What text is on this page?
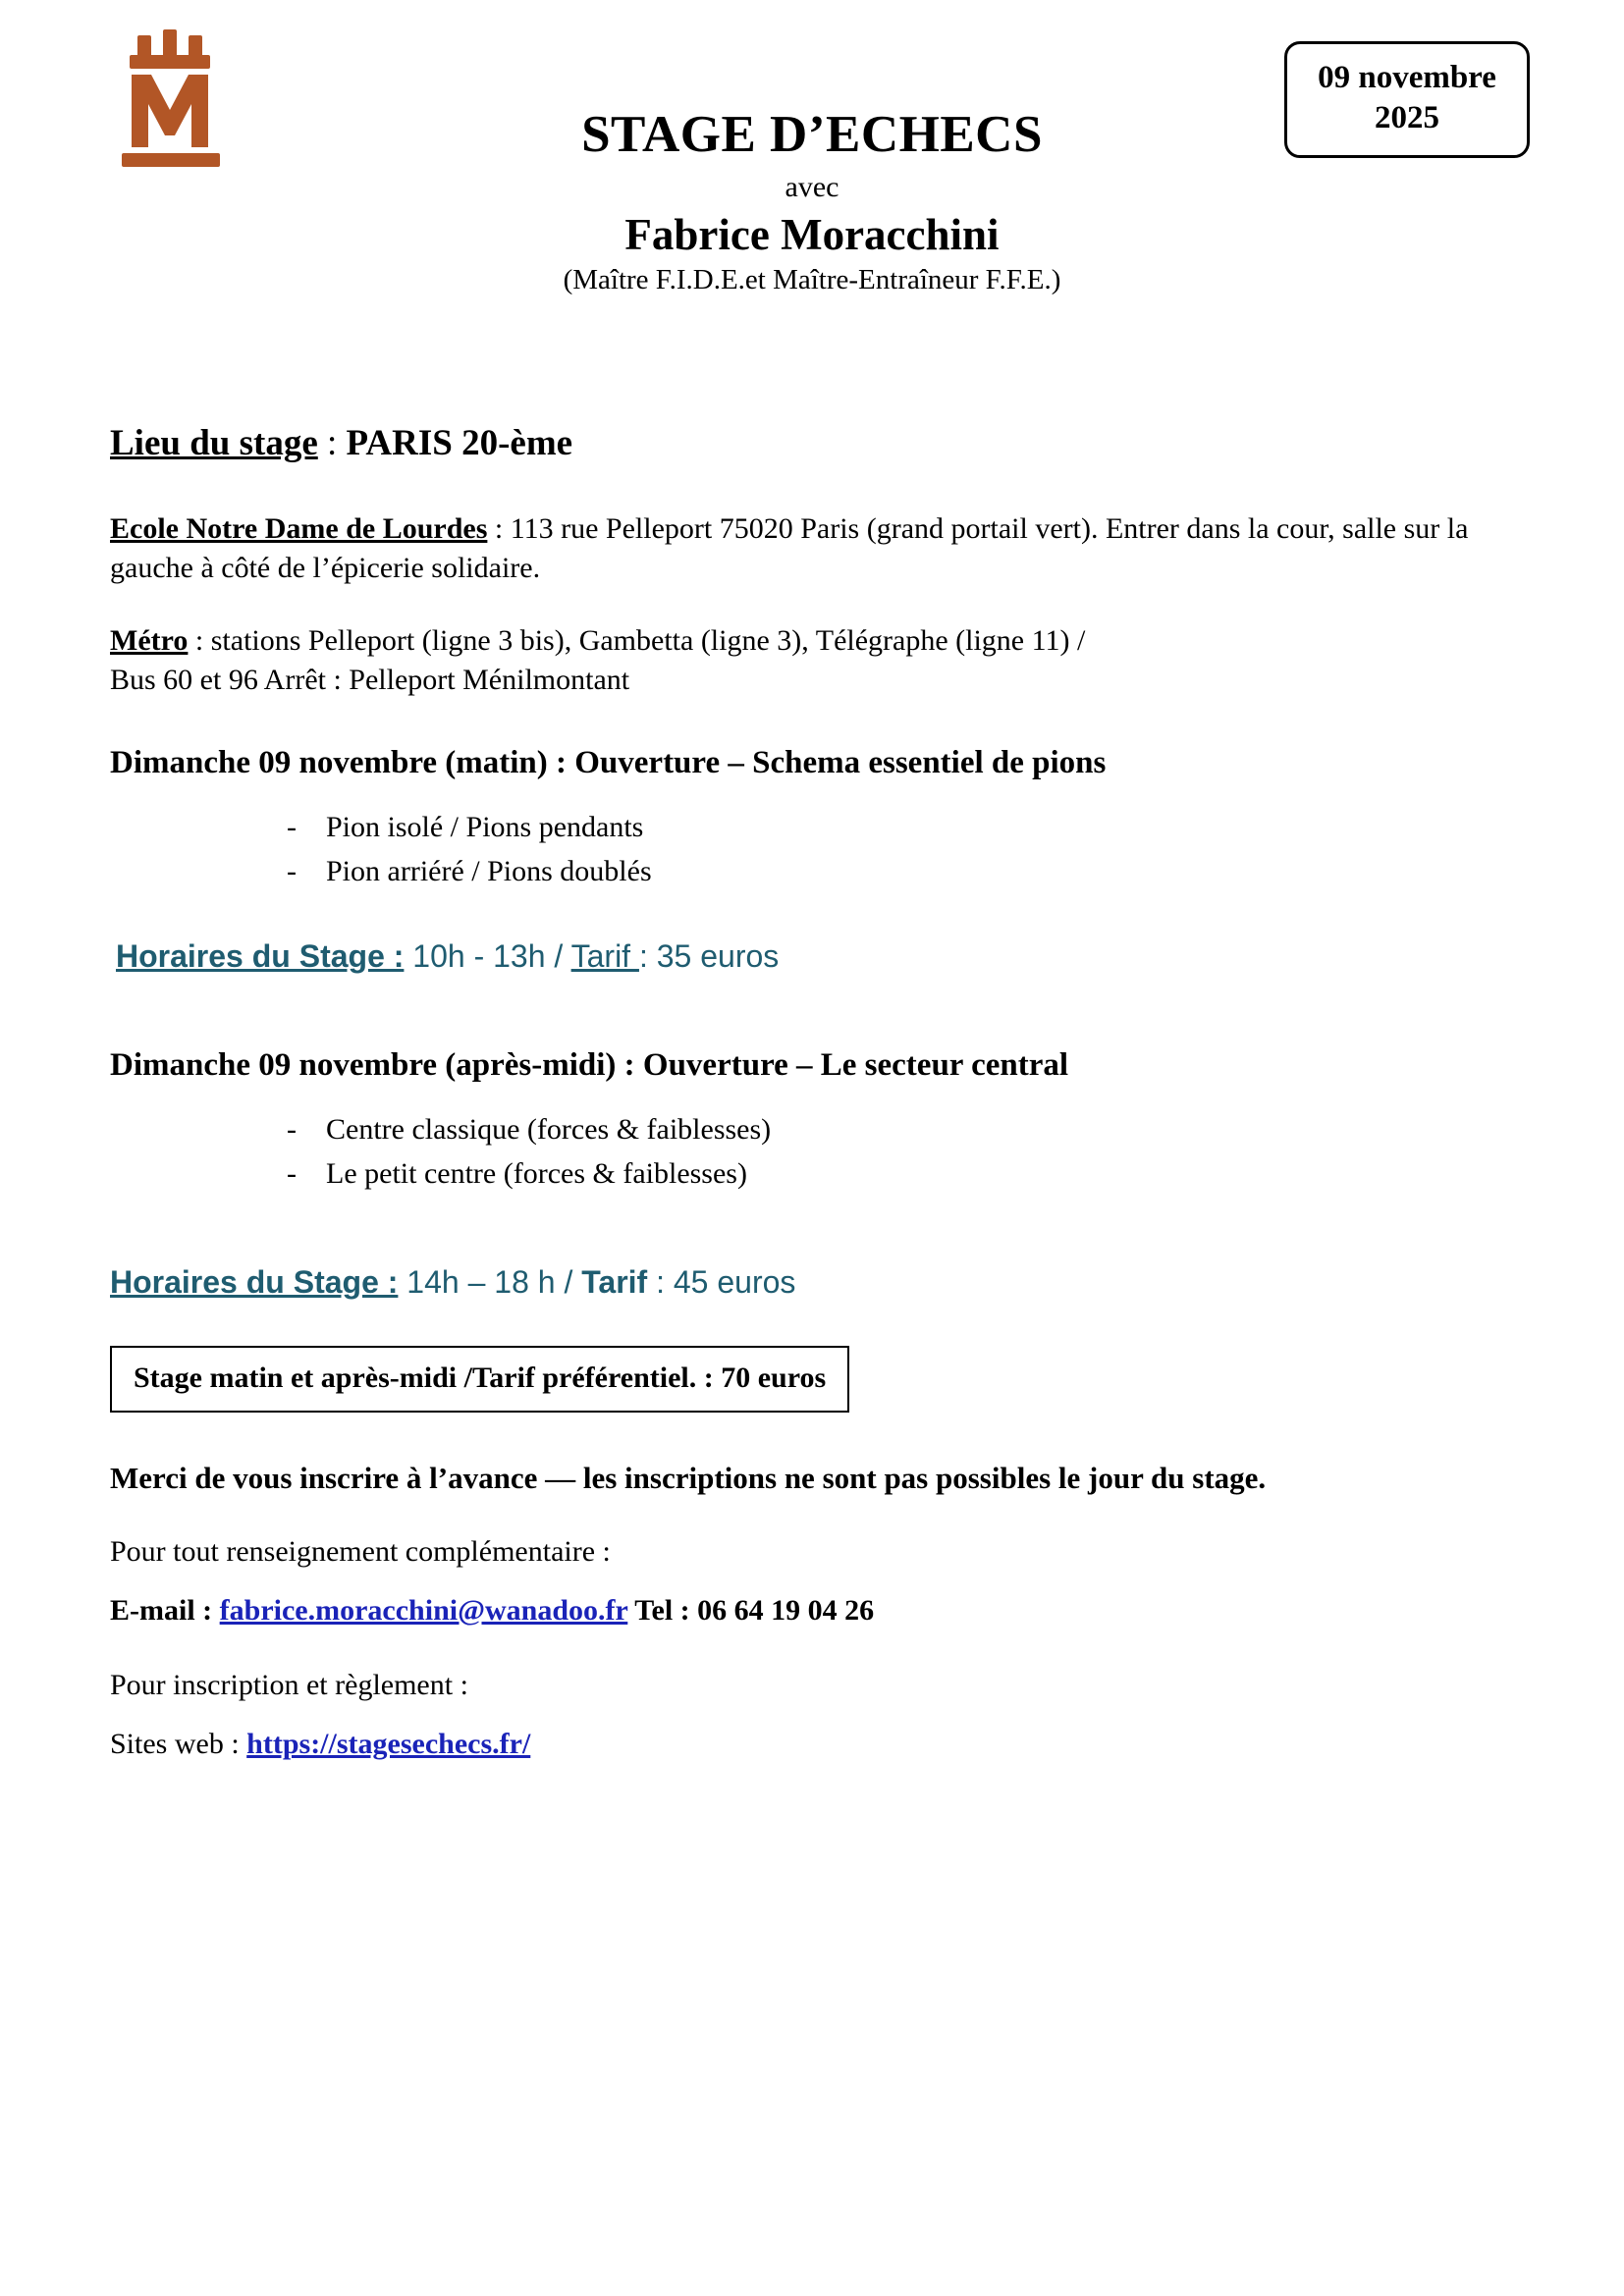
STAGE D’ECHECS
avec
Fabrice Moracchini
(Maître F.I.D.E.et Maître-Entraîneur F.F.E.)
09 novembre
2025
Lieu du stage : PARIS 20-ème
Ecole Notre Dame de Lourdes : 113 rue Pelleport 75020 Paris (grand portail vert). Entrer dans la cour, salle sur la gauche à côté de l’épicerie solidaire.
Métro : stations Pelleport (ligne 3 bis), Gambetta (ligne 3), Télégraphe (ligne 11) /
Bus 60 et 96 Arrêt : Pelleport Ménilmontant
Dimanche 09 novembre (matin) : Ouverture – Schema essentiel de pions
- Pion isolé / Pions pendants
- Pion arriéré / Pions doublés
Horaires du Stage : 10h - 13h / Tarif : 35 euros
Dimanche 09 novembre (après-midi) : Ouverture – Le secteur central
- Centre classique (forces & faiblesses)
- Le petit centre (forces & faiblesses)
Horaires du Stage : 14h – 18 h / Tarif : 45 euros
Stage matin et après-midi /Tarif préférentiel. : 70 euros
Merci de vous inscrire à l’avance — les inscriptions ne sont pas possibles le jour du stage.
Pour tout renseignement complémentaire :
E-mail : fabrice.moracchini@wanadoo.fr Tel : 06 64 19 04 26
Pour inscription et règlement :
Sites web : https://stagesechecs.fr/
